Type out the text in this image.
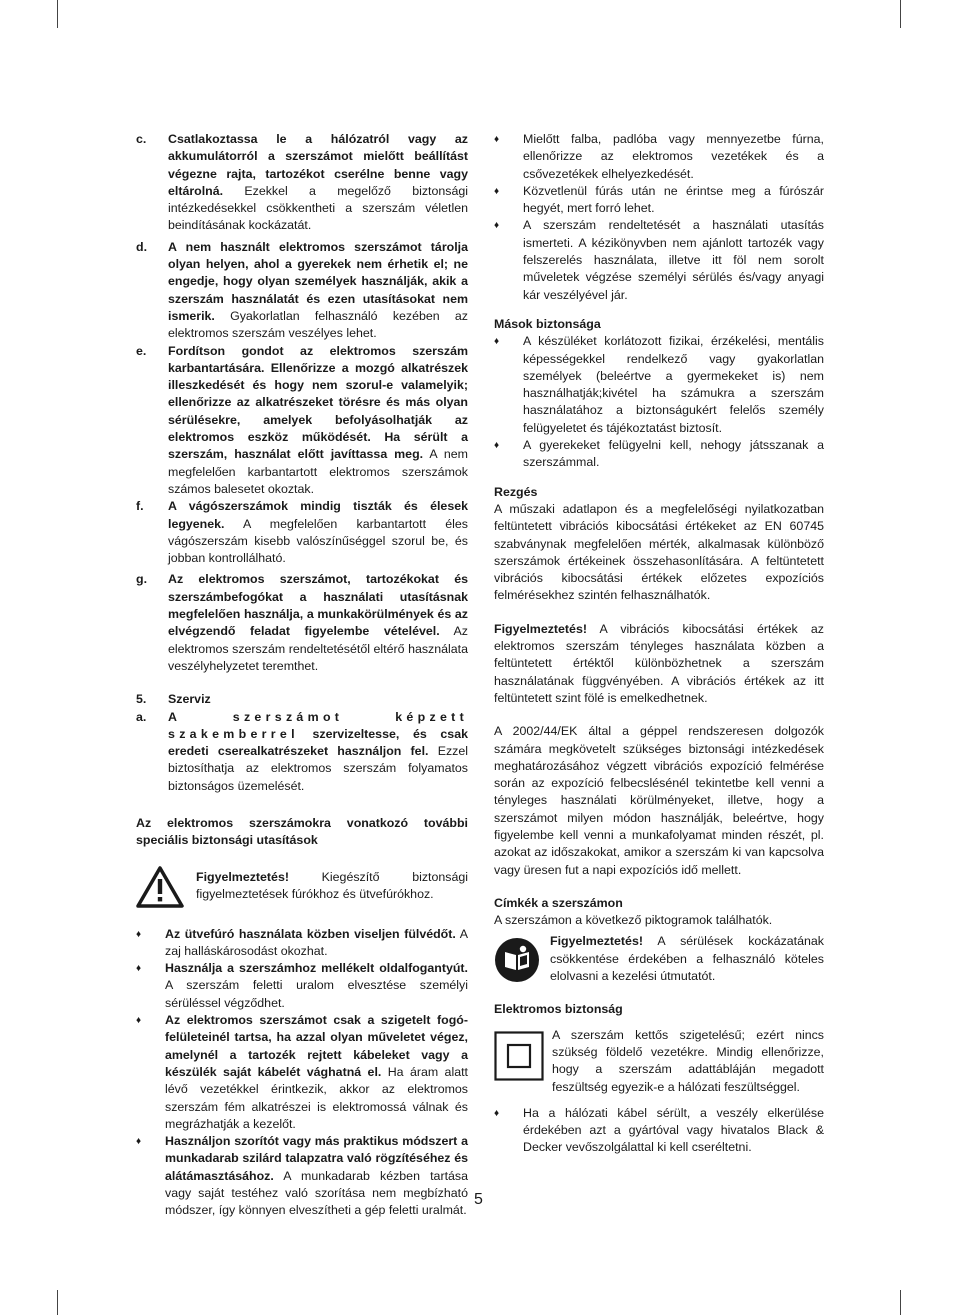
c. Csatlakoztassa le a hálózatról vagy az akkumulátorról a szerszámot mielőtt beállítást végezne rajta, tartozékot cserélne benne vagy eltárolná. Ezekkel a megelőző biztonsági intézkedésekkel csökkentheti a szerszám véletlen beindításának kockázatát.

d. A nem használt elektromos szerszámot tárolja olyan helyen, ahol a gyerekek nem érhetik el; ne engedje, hogy olyan személyek használják, akik a szerszám használatát és ezen utasításokat nem ismerik. Gyakorlatlan felhasználó kezében az elektromos szerszám veszélyes lehet.

e. Fordítson gondot az elektromos szerszám karbantartására. Ellenőrizze a mozgó alkatrészek illeszkedését és hogy nem szorul-e valamelyik; ellenőrizze az alkatrészeket törésre és más olyan sérülésekre, amelyek befolyásolhatják az elektromos eszköz működését. Ha sérült a szerszám, használat előtt javíttassa meg. A nem megfelelően karbantartott elektromos szerszámok számos balesetet okoztak.

f. A vágószerszámok mindig tiszták és élesek legyenek. A megfelelően karbantartott éles vágószerszám kisebb valószínűséggel szorul be, és jobban kontrollálható.

g. Az elektromos szerszámot, tartozékokat és szerszámbefogókat a használati utasításnak megfelelően használja, a munkakörülmények és az elvégzendő feladat figyelembe vételével. Az elektromos szerszám rendeltetésétől eltérő használata veszélyhelyzetet teremthet.

5. Szerviz

a. A szerszámot képzett szakemberrel szervizeltesse, és csak eredeti cserealkatrészeket használjon fel. Ezzel biztosíthatja az elektromos szerszám folyamatos biztonságos üzemelését.

Az elektromos szerszámokra vonatkozó további speciális biztonsági utasítások

Figyelmeztetés! Kiegészítő biztonsági figyelmeztetések fúrókhoz és ütvefúrókhoz.

♦ Az ütvefúró használata közben viseljen fülvédőt. A zaj halláskárosodást okozhat.

♦ Használja a szerszámhoz mellékelt oldalfogantyút. A szerszám feletti uralom elvesztése személyi sérüléssel végződhet.

♦ Az elektromos szerszámot csak a szigetelt fogó-felületeinél tartsa, ha azzal olyan műveletet végez, amelynél a tartozék rejtett kábeleket vagy a készülék saját kábelét vághatná el. Ha áram alatt lévő vezetékkel érintkezik, akkor az elektromos szerszám fém alkatrészei is elektromossá válnak és megrázhatják a kezelőt.

♦ Használjon szorítót vagy más praktikus módszert a munkadarab szilárd talapzatra való rögzítéséhez és alátámasztásához. A munkadarab kézben tartása vagy saját testéhez való szorítása nem megbízható módszer, így könnyen elveszítheti a gép feletti uralmát.

♦ Mielőtt falba, padlóba vagy mennyezetbe fúrna, ellenőrizze az elektromos vezetékek és a csővezetékek elhelyezkedését.

♦ Közvetlenül fúrás után ne érintse meg a fúrószár hegyét, mert forró lehet.

♦ A szerszám rendeltetését a használati utasítás ismerteti. A kézikönyvben nem ajánlott tartozék vagy felszerelés használata, illetve itt föl nem sorolt műveletek végzése személyi sérülés és/vagy anyagi kár veszélyével jár.

Mások biztonsága

♦ A készüléket korlátozott fizikai, érzékelési, mentális képességekkel rendelkező vagy gyakorlatlan személyek (beleértve a gyermekeket is) nem használhatják;kivétel ha számukra a szerszám használatához a biztonságukért felelős személy felügyeletet és tájékoztatást biztosít.

♦ A gyerekeket felügyelni kell, nehogy játsszanak a szerszámmal.

Rezgés

A műszaki adatlapon és a megfelelőségi nyilatkozatban feltüntetett vibrációs kibocsátási értékeket az EN 60745 szabványnak megfelelően mérték, alkalmasak különböző szerszámok értékeinek összehasonlítására. A feltüntetett vibrációs kibocsátási értékek előzetes expozíciós felmérésekhez szintén felhasználhatók.

Figyelmeztetés! A vibrációs kibocsátási értékek az elektromos szerszám tényleges használata közben a feltüntetett értéktől különbözhetnek a szerszám használatának függvényében. A vibrációs értékek az itt feltüntetett szint fölé is emelkedhetnek.

A 2002/44/EK által a géppel rendszeresen dolgozók számára megkövetelt szükséges biztonsági intézkedések meghatározásához végzett vibrációs expozíció felmérése során az expozíció felbecslésénél tekintetbe kell venni a tényleges használati körülményeket, illetve, hogy a szerszámot milyen módon használják, beleértve, hogy figyelembe kell venni a munkafolyamat minden részét, pl. azokat az időszakokat, amikor a szerszám ki van kapcsolva vagy üresen fut a napi expozíciós idő mellett.

Címkék a szerszámon

A szerszámon a következő piktogramok találhatók.

Figyelmeztetés! A sérülések kockázatának csökkentése érdekében a felhasználó köteles elolvasni a kezelési útmutatót.

Elektromos biztonság

A szerszám kettős szigetelésű; ezért nincs szükség földelő vezetékre. Mindig ellenőrizze, hogy a szerszám adattábláján megadott feszültség egyezik-e a hálózati feszültséggel.

♦ Ha a hálózati kábel sérült, a veszély elkerülése érdekében azt a gyártóval vagy hivatalos Black & Decker vevőszolgálattal ki kell cseréltetni.

5
